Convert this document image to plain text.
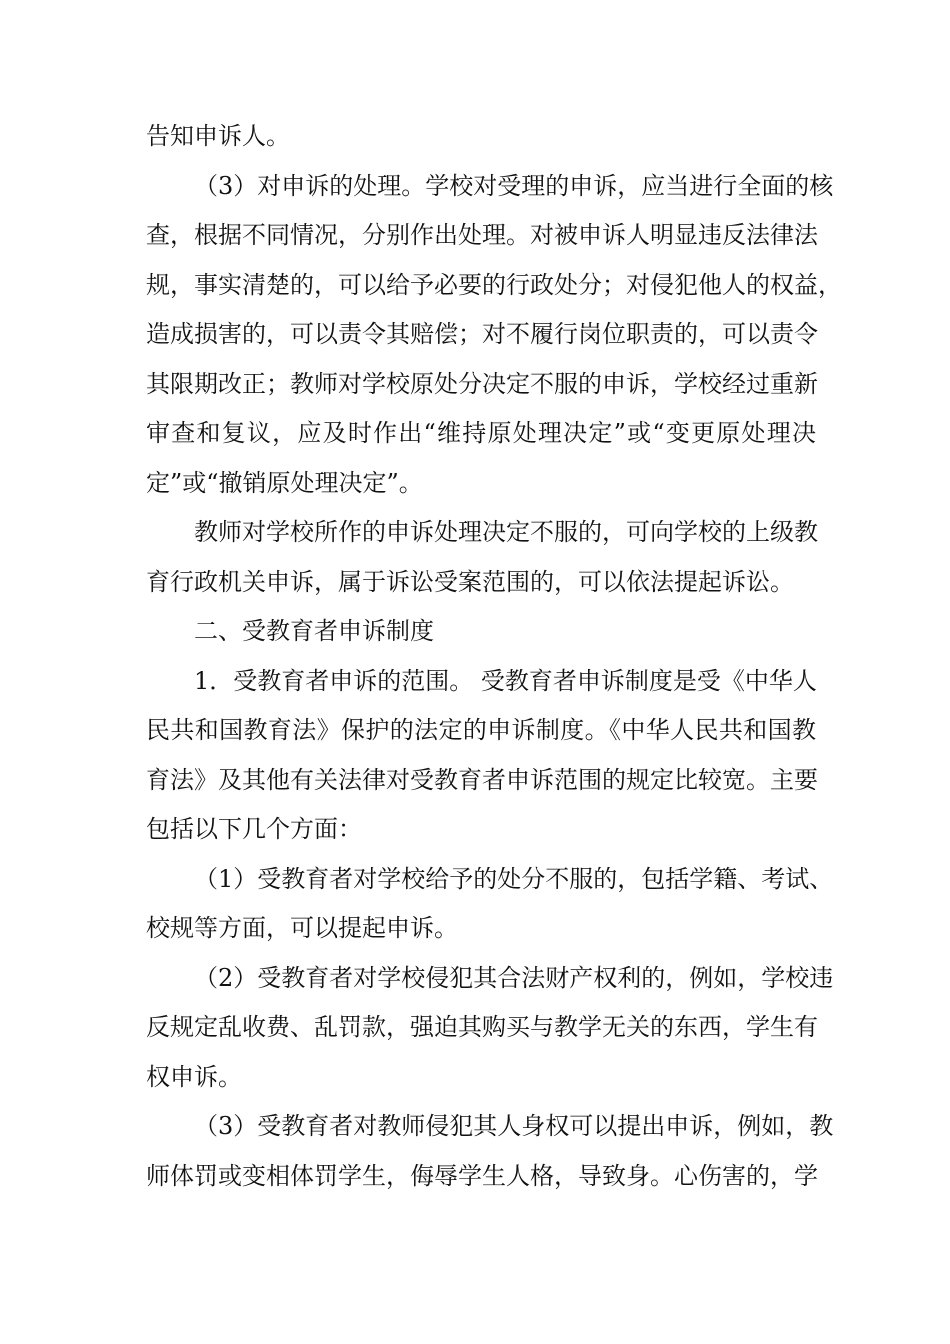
告知申诉人。
（3）对申诉的处理。学校对受理的申诉，应当进行全面的核
查，根据不同情况，分别作出处理。对被申诉人明显违反法律法
规，事实清楚的，可以给予必要的行政处分；对侵犯他人的权益，
造成损害的，可以责令其赔偿；对不履行岗位职责的，可以责令
其限期改正；教师对学校原处分决定不服的申诉，学校经过重新
审查和复议，应及时作出“维持原处理决定”或“变更原处理决
定”或“撤销原处理决定”。
教师对学校所作的申诉处理决定不服的，可向学校的上级教
育行政机关申诉，属于诉讼受案范围的，可以依法提起诉讼。
二、受教育者申诉制度
1．受教育者申诉的范围。 受教育者申诉制度是受《中华人
民共和国教育法》保护的法定的申诉制度。《中华人民共和国教
育法》及其他有关法律对受教育者申诉范围的规定比较宽。主要
包括以下几个方面：
（1）受教育者对学校给予的处分不服的，包括学籍、考试、
校规等方面，可以提起申诉。
（2）受教育者对学校侵犯其合法财产权利的，例如，学校违
反规定乱收费、乱罚款，强迫其购买与教学无关的东西，学生有
权申诉。
（3）受教育者对教师侵犯其人身权可以提出申诉，例如，教
师体罚或变相体罚学生，侮辱学生人格，导致身。心伤害的，学
